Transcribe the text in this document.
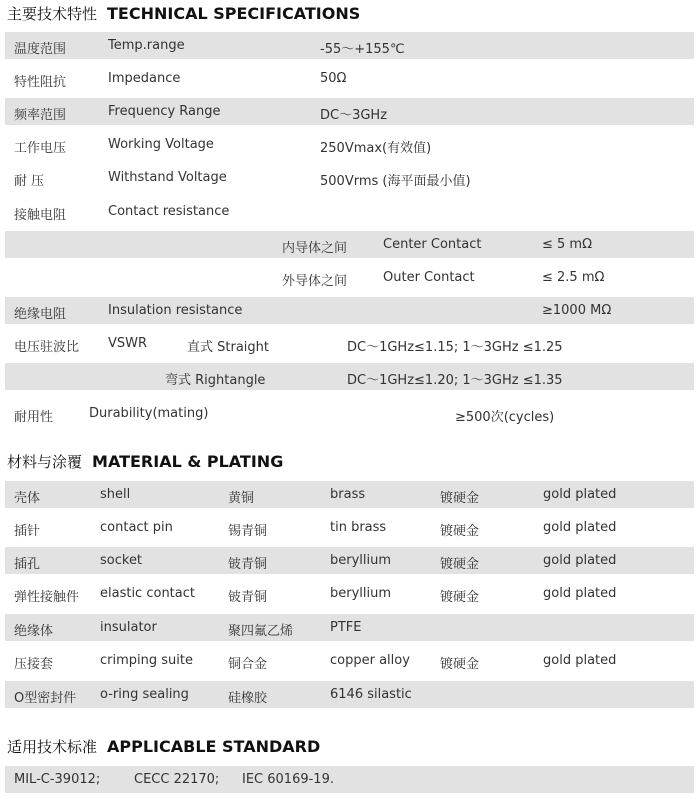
主要技术特性 TECHNICAL SPECIFICATIONS
温度范围	Temp.range	-55～+155℃
特性阻抗	Impedance	50Ω
频率范围	Frequency Range	DC～3GHz
工作电压	Working Voltage	250Vmax(有效值)
耐 压	Withstand Voltage	500Vrms (海平面最小值)
接触电阻	Contact resistance
内导体之间	Center Contact	≤ 5 mΩ
外导体之间	Outer Contact	≤ 2.5 mΩ
绝缘电阻	Insulation resistance	≥1000 MΩ
电压驻波比 VSWR	直式 Straight	DC～1GHz≤1.15; 1～3GHz ≤1.25
弯式 Rightangle	DC～1GHz≤1.20; 1～3GHz ≤1.35
耐用性	Durability(mating)	≥500次(cycles)
材料与涂覆 MATERIAL & PLATING
壳体	shell	黄铜	brass	镀硬金	gold plated
插针	contact pin	锡青铜	tin brass	镀硬金	gold plated
插孔	socket	铍青铜	beryllium	镀硬金	gold plated
弹性接触件 elastic contact	铍青铜	beryllium	镀硬金	gold plated
绝缘体	insulator	聚四氟乙烯	PTFE
压接套	crimping suite	铜合金	copper alloy 镀硬金	gold plated
O型密封件 o-ring sealing	硅橡胶	6146 silastic
适用技术标准 APPLICABLE STANDARD
MIL-C-39012;	CECC 22170; IEC 60169-19.
